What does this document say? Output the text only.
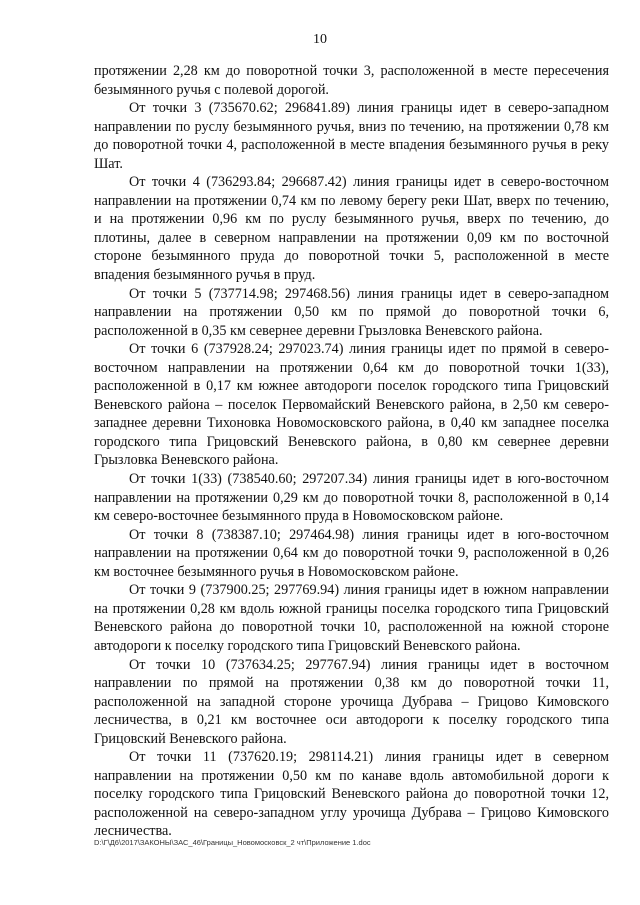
10

протяжении 2,28 км до поворотной точки 3, расположенной в месте пересечения безымянного ручья с полевой дорогой.

От точки 3 (735670.62; 296841.89) линия границы идет в северо-западном направлении по руслу безымянного ручья, вниз по течению, на протяжении 0,78 км до поворотной точки 4, расположенной в месте впадения безымянного ручья в реку Шат.

От точки 4 (736293.84; 296687.42) линия границы идет в северо-восточном направлении на протяжении 0,74 км по левому берегу реки Шат, вверх по течению, и на протяжении 0,96 км по руслу безымянного ручья, вверх по течению, до плотины, далее в северном направлении на протяжении 0,09 км по восточной стороне безымянного пруда до поворотной точки 5, расположенной в месте впадения безымянного ручья в пруд.

От точки 5 (737714.98; 297468.56) линия границы идет в северо-западном направлении на протяжении 0,50 км по прямой до поворотной точки 6, расположенной в 0,35 км севернее деревни Грызловка Веневского района.

От точки 6 (737928.24; 297023.74) линия границы идет по прямой в северо-восточном направлении на протяжении 0,64 км до поворотной точки 1(33), расположенной в 0,17 км южнее автодороги поселок городского типа Грицовский Веневского района – поселок Первомайский Веневского района, в 2,50 км северо-западнее деревни Тихоновка Новомосковского района, в 0,40 км западнее поселка городского типа Грицовский Веневского района, в 0,80 км севернее деревни Грызловка Веневского района.

От точки 1(33) (738540.60; 297207.34) линия границы идет в юго-восточном направлении на протяжении 0,29 км до поворотной точки 8, расположенной в 0,14 км северо-восточнее безымянного пруда в Новомосковском районе.

От точки 8 (738387.10; 297464.98) линия границы идет в юго-восточном направлении на протяжении 0,64 км до поворотной точки 9, расположенной в 0,26 км восточнее безымянного ручья в Новомосковском районе.

От точки 9 (737900.25; 297769.94) линия границы идет в южном направлении на протяжении 0,28 км вдоль южной границы поселка городского типа Грицовский Веневского района до поворотной точки 10, расположенной на южной стороне автодороги к поселку городского типа Грицовский Веневского района.

От точки 10 (737634.25; 297767.94) линия границы идет в восточном направлении по прямой на протяжении 0,38 км до поворотной точки 11, расположенной на западной стороне урочища Дубрава – Грицово Кимовского лесничества, в 0,21 км восточнее оси автодороги к поселку городского типа Грицовский Веневского района.

От точки 11 (737620.19; 298114.21) линия границы идет в северном направлении на протяжении 0,50 км по канаве вдоль автомобильной дороги к поселку городского типа Грицовский Веневского района до поворотной точки 12, расположенной на северо-западном углу урочища Дубрава – Грицово Кимовского лесничества.

D:\Г\Д6\2017\ЗАКОНЫ\ЗАС_46\Границы_Новомосковск_2 чт\Приложение 1.doc
